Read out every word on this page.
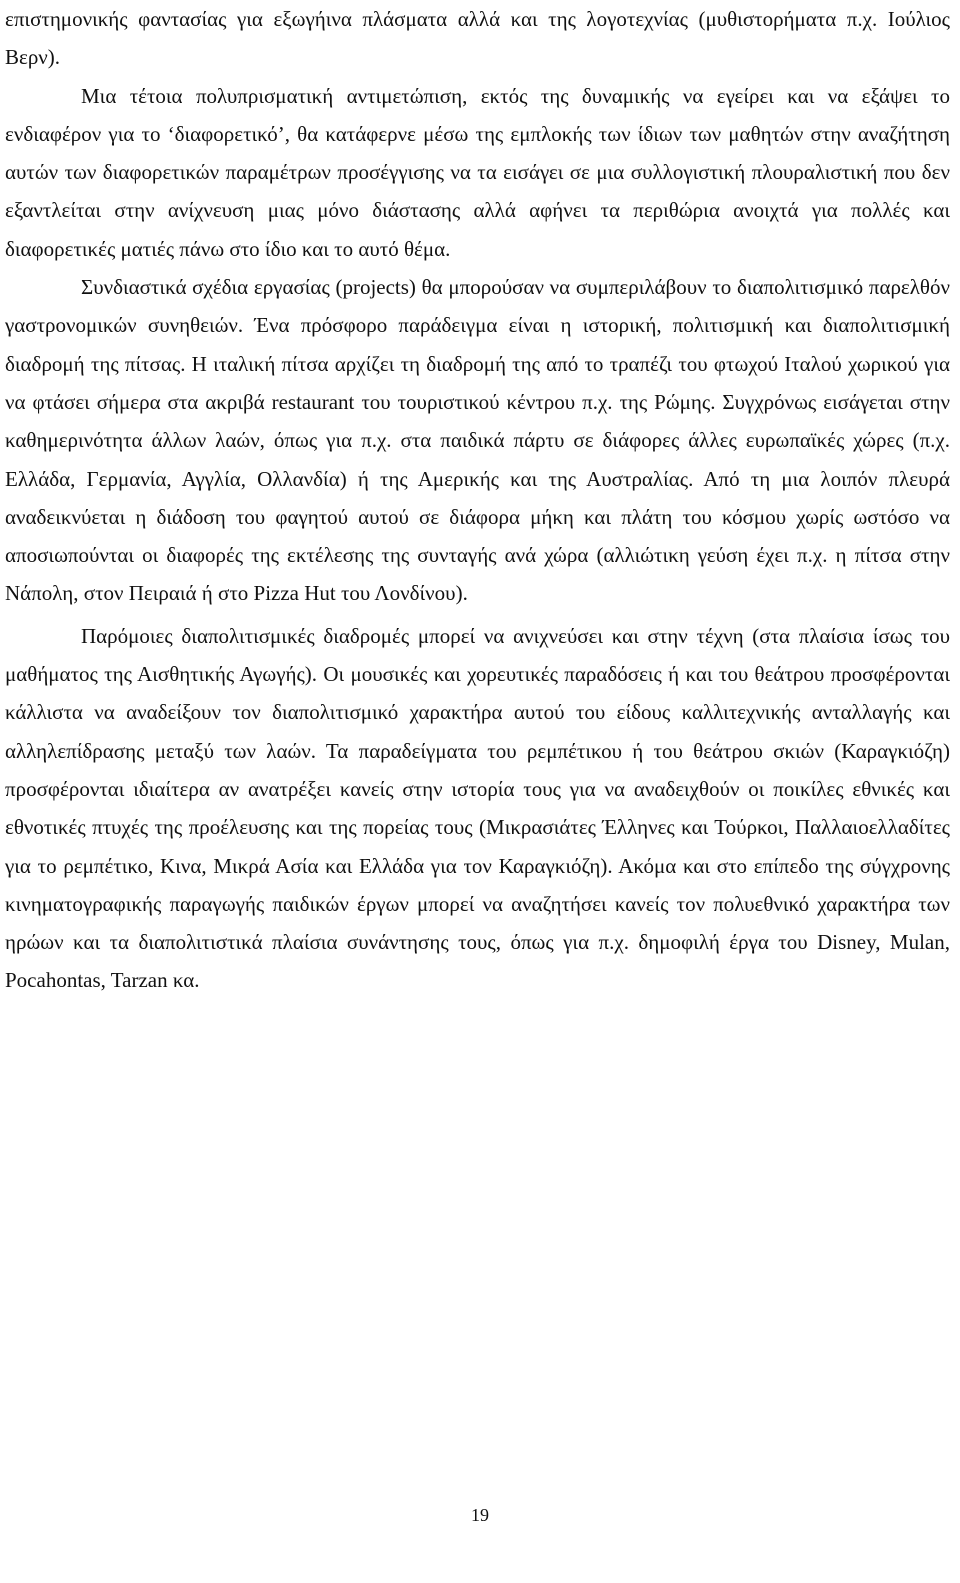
επιστημονικής φαντασίας για εξωγήινα πλάσματα αλλά και της λογοτεχνίας (μυθιστορήματα π.χ. Ιούλιος Βερν).

Μια τέτοια πολυπρισματική αντιμετώπιση, εκτός της δυναμικής να εγείρει και να εξάψει το ενδιαφέρον για το ‘διαφορετικό’, θα κατάφερνε μέσω της εμπλοκής των ίδιων των μαθητών στην αναζήτηση αυτών των διαφορετικών παραμέτρων προσέγγισης να τα εισάγει σε μια συλλογιστική πλουραλιστική που δεν εξαντλείται στην ανίχνευση μιας μόνο διάστασης αλλά αφήνει τα περιθώρια ανοιχτά για πολλές και διαφορετικές ματιές πάνω στο ίδιο και το αυτό θέμα.

Συνδιαστικά σχέδια εργασίας (projects) θα μπορούσαν να συμπεριλάβουν το διαπολιτισμικό παρελθόν γαστρονομικών συνηθειών. Ένα πρόσφορο παράδειγμα είναι η ιστορική, πολιτισμική και διαπολιτισμική διαδρομή της πίτσας. Η ιταλική πίτσα αρχίζει τη διαδρομή της από το τραπέζι του φτωχού Ιταλού χωρικού για να φτάσει σήμερα στα ακριβά restaurant του τουριστικού κέντρου π.χ. της Ρώμης. Συγχρόνως εισάγεται στην καθημερινότητα άλλων λαών, όπως για π.χ. στα παιδικά πάρτυ σε διάφορες άλλες ευρωπαϊκές χώρες (π.χ. Ελλάδα, Γερμανία, Αγγλία, Ολλανδία) ή της Αμερικής και της Αυστραλίας. Από τη μια λοιπόν πλευρά αναδεικνύεται η διάδοση του φαγητού αυτού σε διάφορα μήκη και πλάτη του κόσμου χωρίς ωστόσο να αποσιωπούνται οι διαφορές της εκτέλεσης της συνταγής ανά χώρα (αλλιώτικη γεύση έχει π.χ. η πίτσα στην Νάπολη, στον Πειραιά ή στο Pizza Hut του Λονδίνου).

Παρόμοιες διαπολιτισμικές διαδρομές μπορεί να ανιχνεύσει και στην τέχνη (στα πλαίσια ίσως του μαθήματος της Αισθητικής Αγωγής). Οι μουσικές και χορευτικές παραδόσεις ή και του θεάτρου προσφέρονται κάλλιστα να αναδείξουν τον διαπολιτισμικό χαρακτήρα αυτού του είδους καλλιτεχνικής ανταλλαγής και αλληλεπίδρασης μεταξύ των λαών. Τα παραδείγματα του ρεμπέτικου ή του θεάτρου σκιών (Καραγκιόζη) προσφέρονται ιδιαίτερα αν ανατρέξει κανείς στην ιστορία τους για να αναδειχθούν οι ποικίλες εθνικές και εθνοτικές πτυχές της προέλευσης και της πορείας τους (Μικρασιάτες Έλληνες και Τούρκοι, Παλλαιοελλαδίτες για το ρεμπέτικο, Κινα, Μικρά Ασία και Ελλάδα για τον Καραγκιόζη). Ακόμα και στο επίπεδο της σύγχρονης κινηματογραφικής παραγωγής παιδικών έργων μπορεί να αναζητήσει κανείς τον πολυεθνικό χαρακτήρα των ηρώων και τα διαπολιτιστικά πλαίσια συνάντησης τους, όπως για π.χ. δημοφιλή έργα του Disney, Mulan, Pocahontas, Tarzan κα.

19
